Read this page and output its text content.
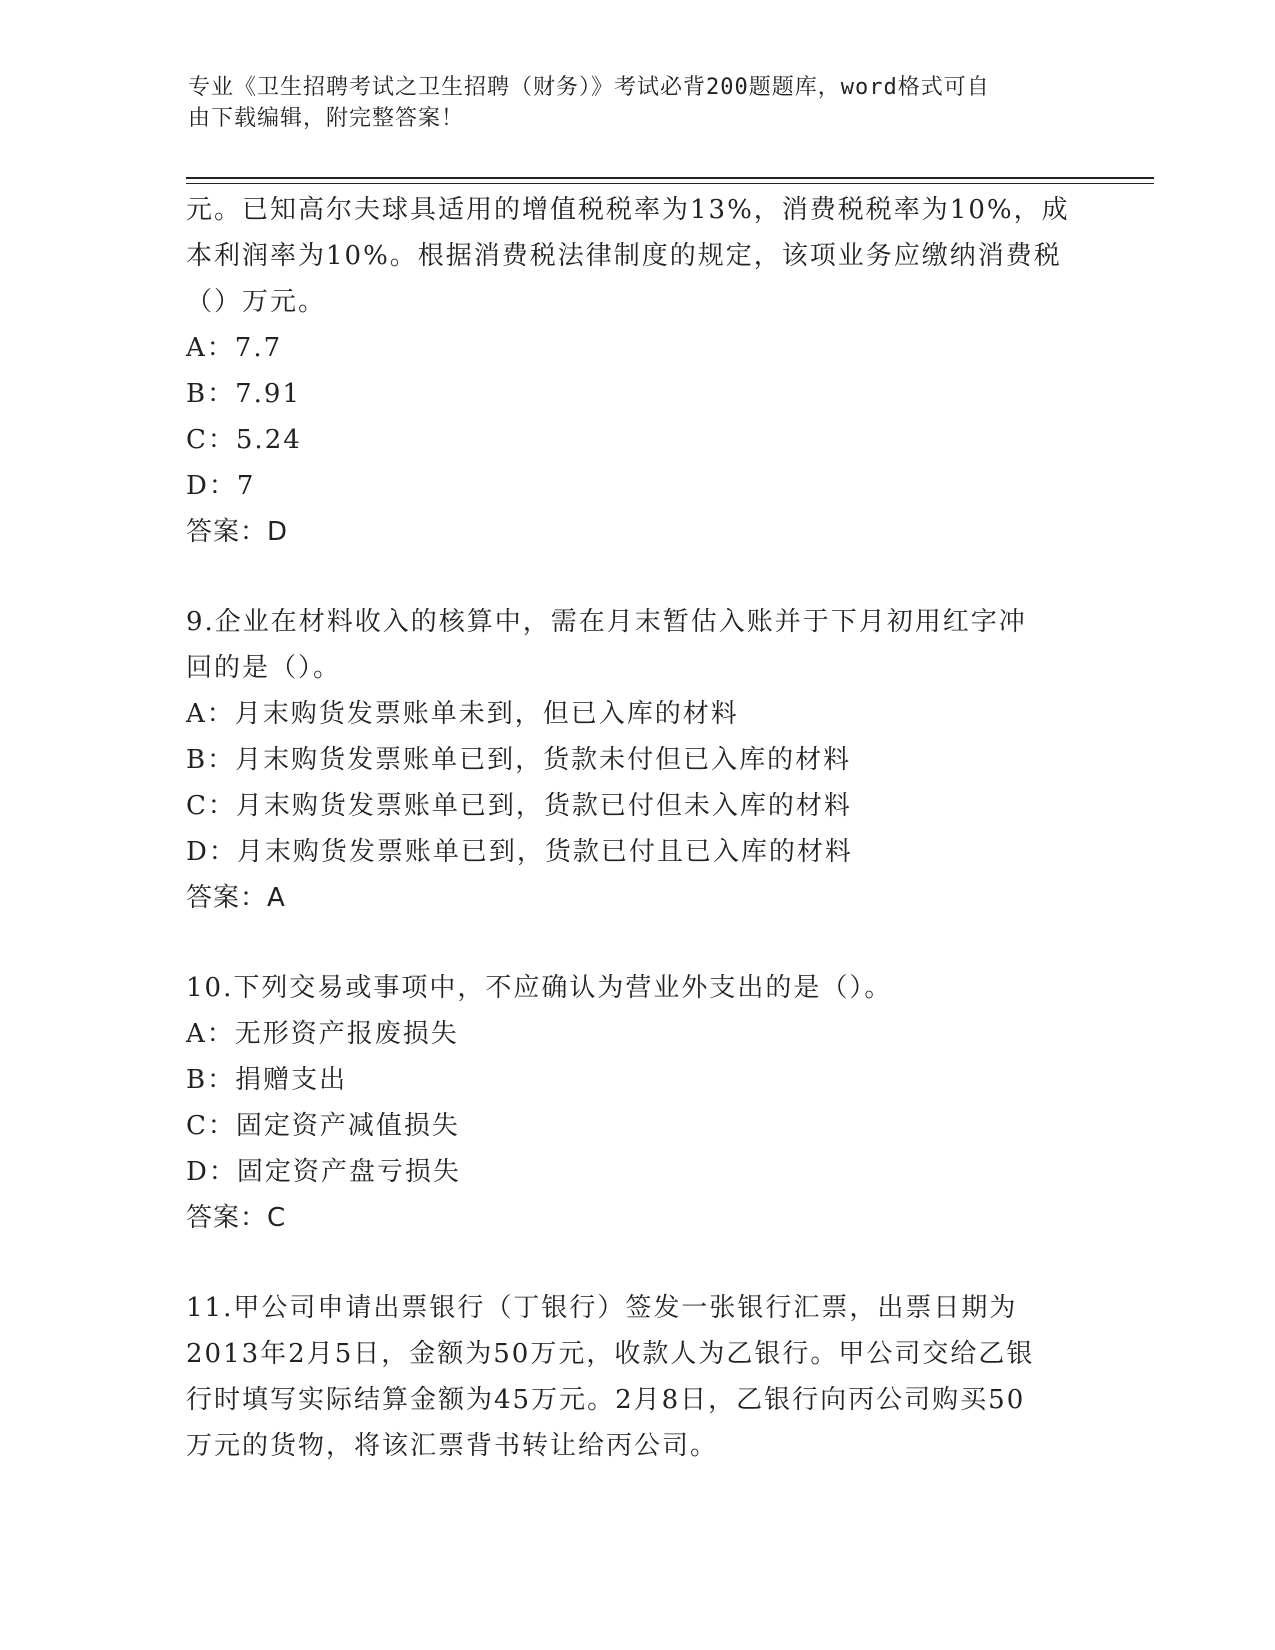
专业《卫生招聘考试之卫生招聘（财务）》考试必背200题题库，word格式可自
由下载编辑，附完整答案！
元。已知高尔夫球具适用的增值税税率为13%，消费税税率为10%，成
本利润率为10%。根据消费税法律制度的规定，该项业务应缴纳消费税
（）万元。
A：7.7
B：7.91
C：5.24
D：7
答案：D
9.企业在材料收入的核算中，需在月末暂估入账并于下月初用红字冲
回的是（）。
A：月末购货发票账单未到，但已入库的材料
B：月末购货发票账单已到，货款未付但已入库的材料
C：月末购货发票账单已到，货款已付但未入库的材料
D：月末购货发票账单已到，货款已付且已入库的材料
答案：A
10.下列交易或事项中，不应确认为营业外支出的是（）。
A：无形资产报废损失
B：捐赠支出
C：固定资产减值损失
D：固定资产盘亏损失
答案：C
11.甲公司申请出票银行（丁银行）签发一张银行汇票，出票日期为
2013年2月5日，金额为50万元，收款人为乙银行。甲公司交给乙银
行时填写实际结算金额为45万元。2月8日，乙银行向丙公司购买50
万元的货物，将该汇票背书转让给丙公司。
